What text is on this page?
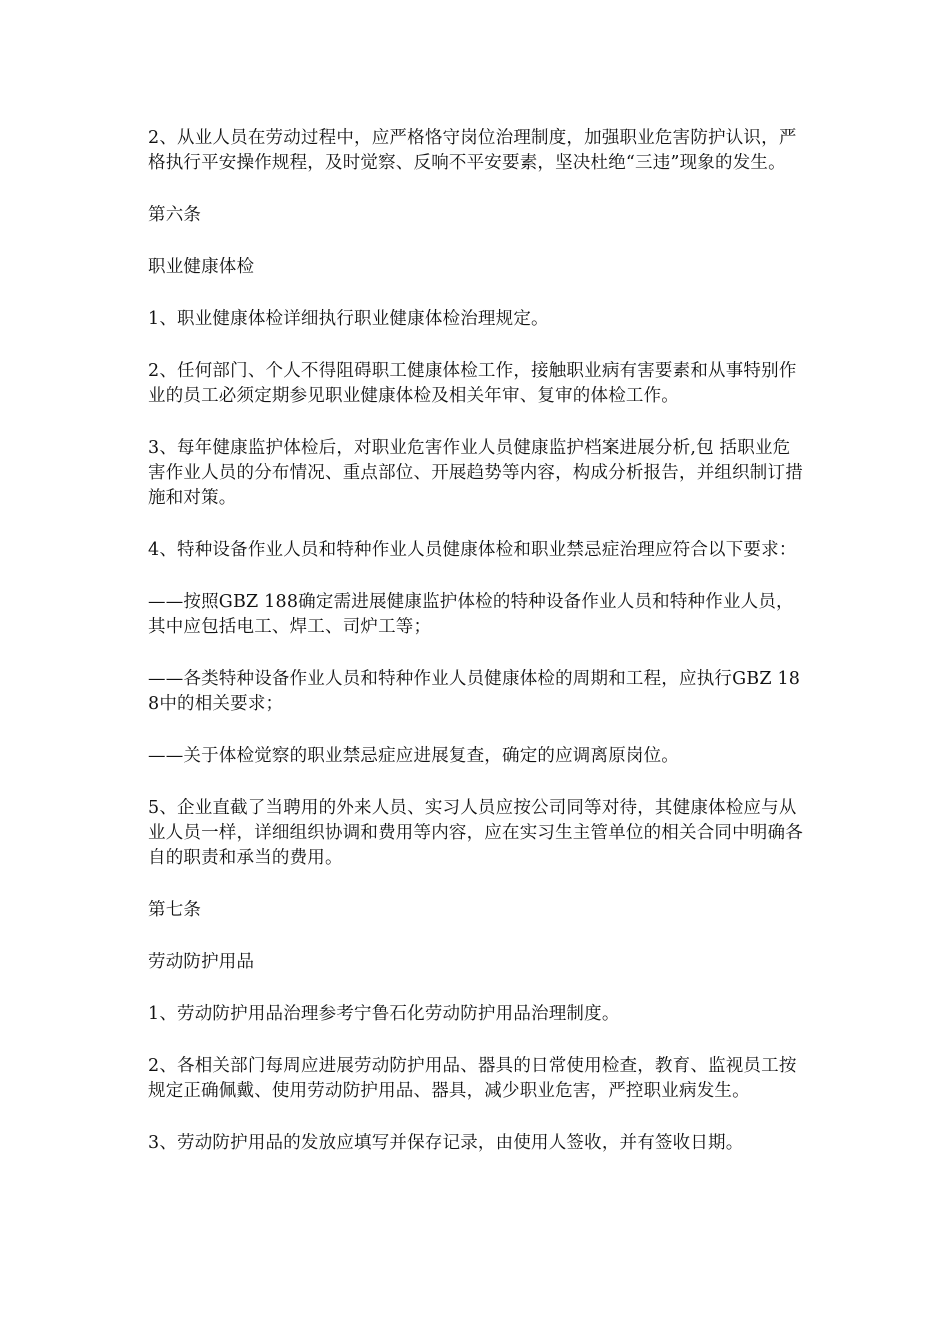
2、从业人员在劳动过程中，应严格恪守岗位治理制度，加强职业危害防护认识，严格执行平安操作规程，及时觉察、反响不平安要素，坚决杜绝“三违”现象的发生。

第六条

职业健康体检

1、职业健康体检详细执行职业健康体检治理规定。

2、任何部门、个人不得阻碍职工健康体检工作，接触职业病有害要素和从事特别作业的员工必须定期参见职业健康体检及相关年审、复审的体检工作。

3、每年健康监护体检后，对职业危害作业人员健康监护档案进展分析,包 括职业危害作业人员的分布情况、重点部位、开展趋势等内容，构成分析报告，并组织制订措施和对策。

4、特种设备作业人员和特种作业人员健康体检和职业禁忌症治理应符合以下要求：

——按照GBZ 188确定需进展健康监护体检的特种设备作业人员和特种作业人员，其中应包括电工、焊工、司炉工等；

——各类特种设备作业人员和特种作业人员健康体检的周期和工程，应执行GBZ 188中的相关要求；

——关于体检觉察的职业禁忌症应进展复查，确定的应调离原岗位。

5、企业直截了当聘用的外来人员、实习人员应按公司同等对待，其健康体检应与从业人员一样，详细组织协调和费用等内容，应在实习生主管单位的相关合同中明确各自的职责和承当的费用。

第七条

劳动防护用品

1、劳动防护用品治理参考宁鲁石化劳动防护用品治理制度。

2、各相关部门每周应进展劳动防护用品、器具的日常使用检查，教育、监视员工按规定正确佩戴、使用劳动防护用品、器具，减少职业危害，严控职业病发生。

3、劳动防护用品的发放应填写并保存记录，由使用人签收，并有签收日期。
